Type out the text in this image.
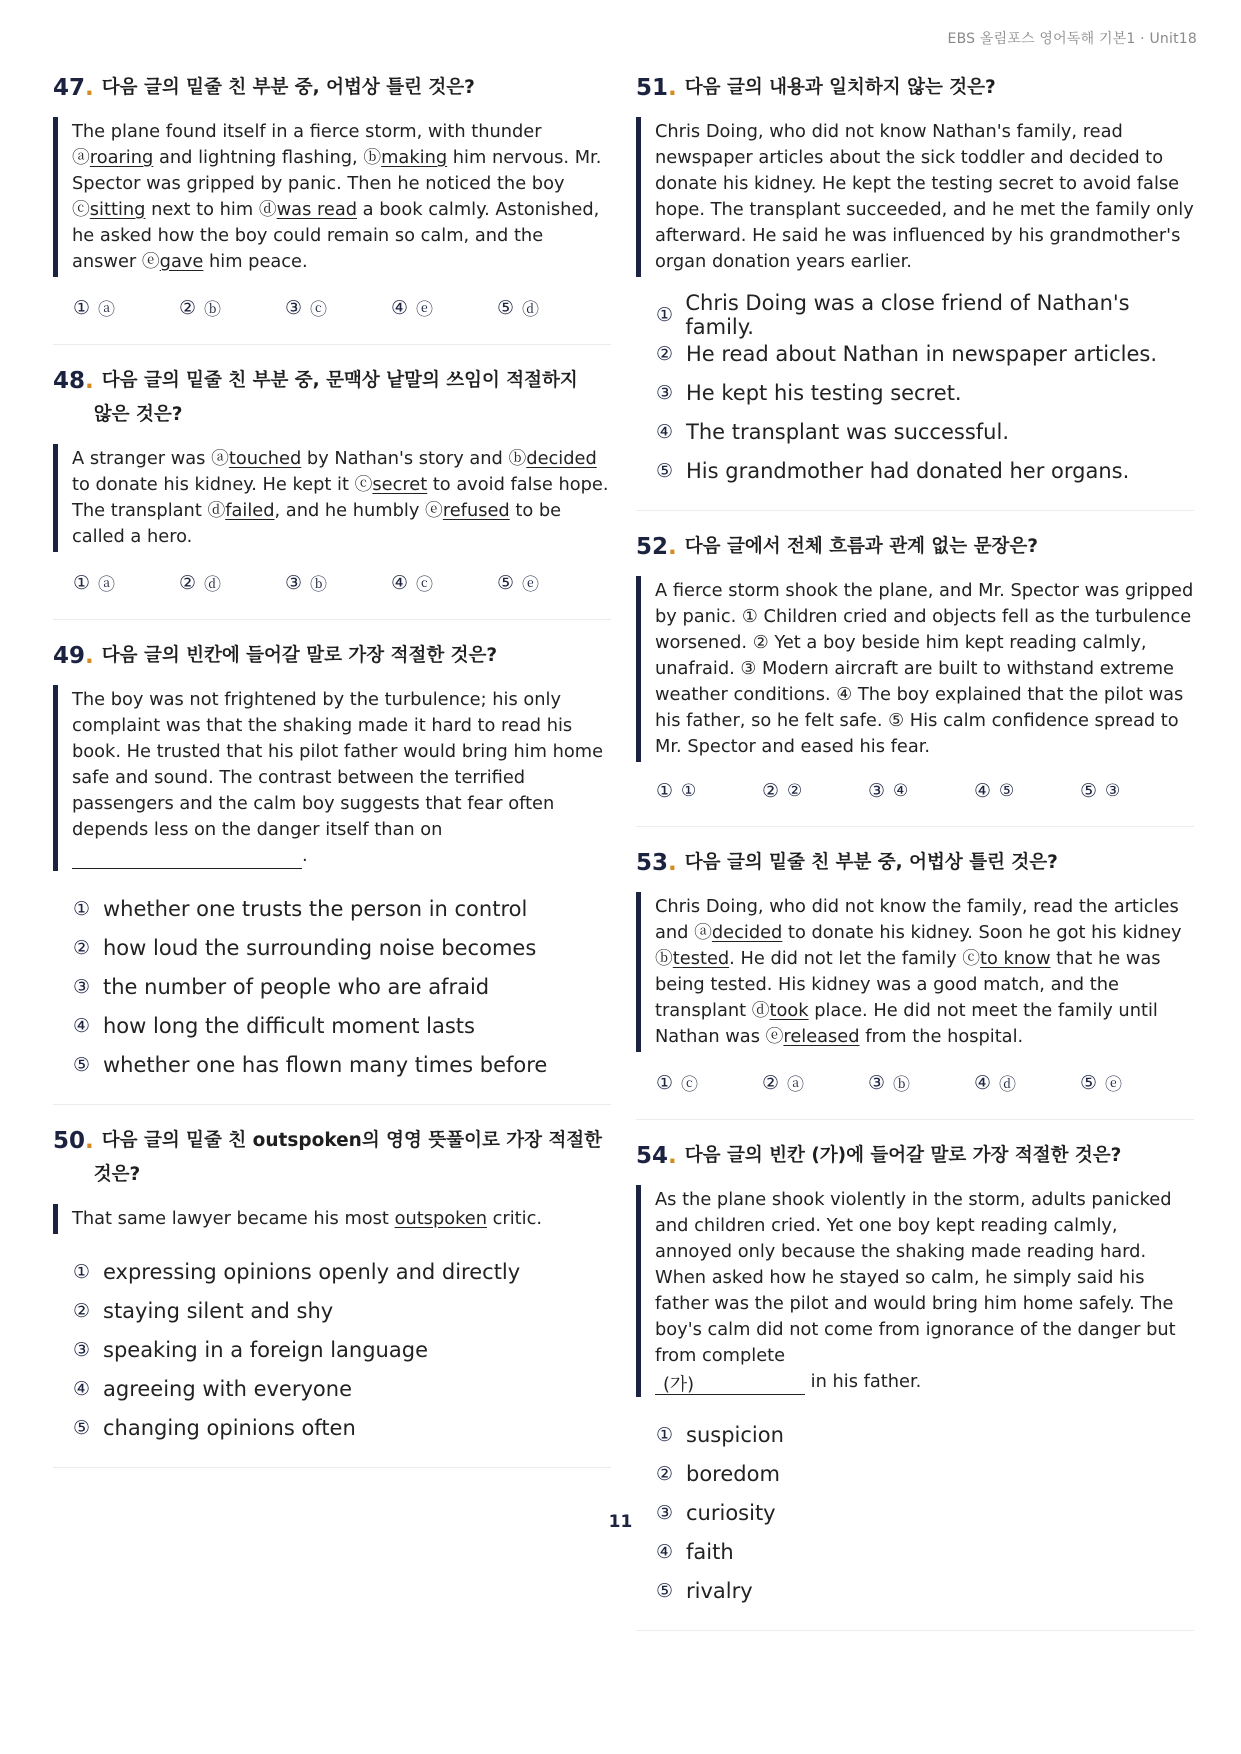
EBS 올림포스 영어독해 기본1 · Unit18
47 . 다음 글의 밑줄 친 부분 중, 어법상 틀린 것은?
The plane found itself in a fierce storm, with thunder ⓐroaring and lightning flashing, ⓑmaking him nervous. Mr. Spector was gripped by panic. Then he noticed the boy ⓒsitting next to him ⓓwas read a book calmly. Astonished, he asked how the boy could remain so calm, and the answer ⓔgave him peace.
① ⓐ	② ⓑ	③ ⓒ	④ ⓔ	⑤ ⓓ
48 . 다음 글의 밑줄 친 부분 중, 문맥상 낱말의 쓰임이 적절하지
않은 것은?
A stranger was ⓐtouched by Nathan's story and ⓑdecided to donate his kidney. He kept it ⓒsecret to avoid false hope. The transplant ⓓfailed, and he humbly ⓔrefused to be called a hero.
① ⓐ	② ⓓ	③ ⓑ	④ ⓒ	⑤ ⓔ
49 . 다음 글의 빈칸에 들어갈 말로 가장 적절한 것은?
The boy was not frightened by the turbulence; his only complaint was that the shaking made it hard to read his book. He trusted that his pilot father would bring him home safe and sound. The contrast between the terrified passengers and the calm boy suggests that fear often depends less on the danger itself than on
.
① whether one trusts the person in control
② how loud the surrounding noise becomes
③ the number of people who are afraid
④ how long the difficult moment lasts
⑤ whether one has flown many times before
50 . 다음 글의 밑줄 친 outspoken의 영영 뜻풀이로 가장 적절한
것은?
That same lawyer became his most outspoken critic.
① expressing opinions openly and directly
② staying silent and shy
③ speaking in a foreign language
④ agreeing with everyone
⑤ changing opinions often
51 . 다음 글의 내용과 일치하지 않는 것은?
Chris Doing, who did not know Nathan's family, read newspaper articles about the sick toddler and decided to donate his kidney. He kept the testing secret to avoid false hope. The transplant succeeded, and he met the family only afterward. He said he was influenced by his grandmother's organ donation years earlier.
① Chris Doing was a close friend of Nathan's family.
② He read about Nathan in newspaper articles.
③ He kept his testing secret.
④ The transplant was successful.
⑤ His grandmother had donated her organs.
52 . 다음 글에서 전체 흐름과 관계 없는 문장은?
A fierce storm shook the plane, and Mr. Spector was gripped by panic. ① Children cried and objects fell as the turbulence worsened. ② Yet a boy beside him kept reading calmly, unafraid. ③ Modern aircraft are built to withstand extreme weather conditions. ④ The boy explained that the pilot was his father, so he felt safe. ⑤ His calm confidence spread to Mr. Spector and eased his fear.
① ①	② ②	③ ④	④ ⑤	⑤ ③
53 . 다음 글의 밑줄 친 부분 중, 어법상 틀린 것은?
Chris Doing, who did not know the family, read the articles and ⓐdecided to donate his kidney. Soon he got his kidney ⓑtested. He did not let the family ⓒto know that he was being tested. His kidney was a good match, and the transplant ⓓtook place. He did not meet the family until Nathan was ⓔreleased from the hospital.
① ⓒ	② ⓐ	③ ⓑ	④ ⓓ	⑤ ⓔ
54 . 다음 글의 빈칸 (가)에 들어갈 말로 가장 적절한 것은?
As the plane shook violently in the storm, adults panicked and children cried. Yet one boy kept reading calmly, annoyed only because the shaking made reading hard. When asked how he stayed so calm, he simply said his father was the pilot and would bring him home safely. The boy's calm did not come from ignorance of the danger but from complete
(가)	in his father.
① suspicion
② boredom
③ curiosity
④ faith
⑤ rivalry
11
